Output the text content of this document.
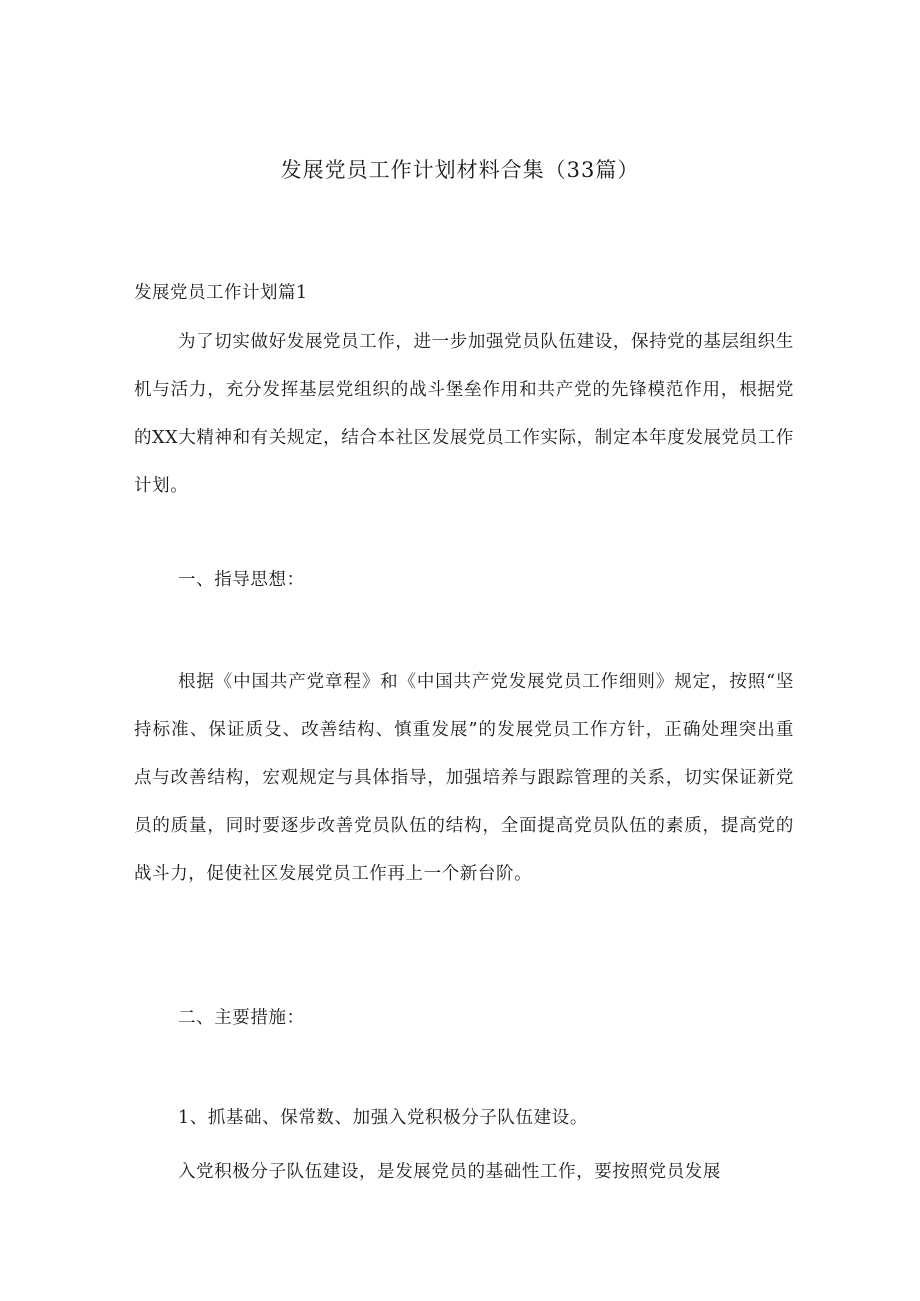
发展党员工作计划材料合集（33篇）
发展党员工作计划篇1

为了切实做好发展党员工作，进一步加强党员队伍建设，保持党的基层组织生机与活力，充分发挥基层党组织的战斗堡垒作用和共产党的先锋模范作用，根据党的XX大精神和有关规定，结合本社区发展党员工作实际，制定本年度发展党员工作计划。

一、指导思想：

根据《中国共产党章程》和《中国共产党发展党员工作细则》规定，按照“坚持标准、保证质殳、改善结构、慎重发展”的发展党员工作方针，正确处理突出重点与改善结构，宏观规定与具体指导，加强培养与跟踪管理的关系，切实保证新党员的质量，同时要逐步改善党员队伍的结构，全面提高党员队伍的素质，提高党的战斗力，促使社区发展党员工作再上一个新台阶。

二、主要措施：
1、抓基础、保常数、加强入党积极分子队伍建设。

入党积极分子队伍建设，是发展党员的基础性工作，要按照党员发展
